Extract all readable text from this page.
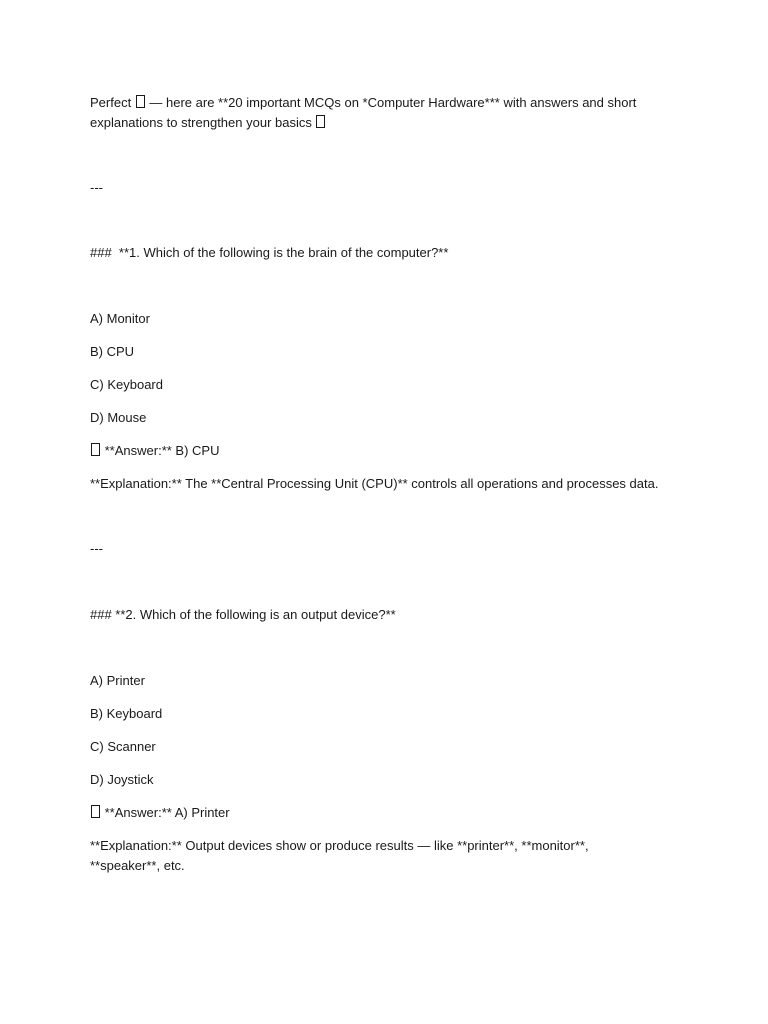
Perfect  — here are **20 important MCQs on *Computer Hardware*** with answers and short

explanations to strengthen your basics

---

###  **1. Which of the following is the brain of the computer?**

A) Monitor

B) CPU

C) Keyboard

D) Mouse

**Answer:** B) CPU

**Explanation:** The **Central Processing Unit (CPU)** controls all operations and processes data.

---

### **2. Which of the following is an output device?**

A) Printer

B) Keyboard

C) Scanner

D) Joystick

**Answer:** A) Printer

**Explanation:** Output devices show or produce results — like **printer**, **monitor**,

**speaker**, etc.
